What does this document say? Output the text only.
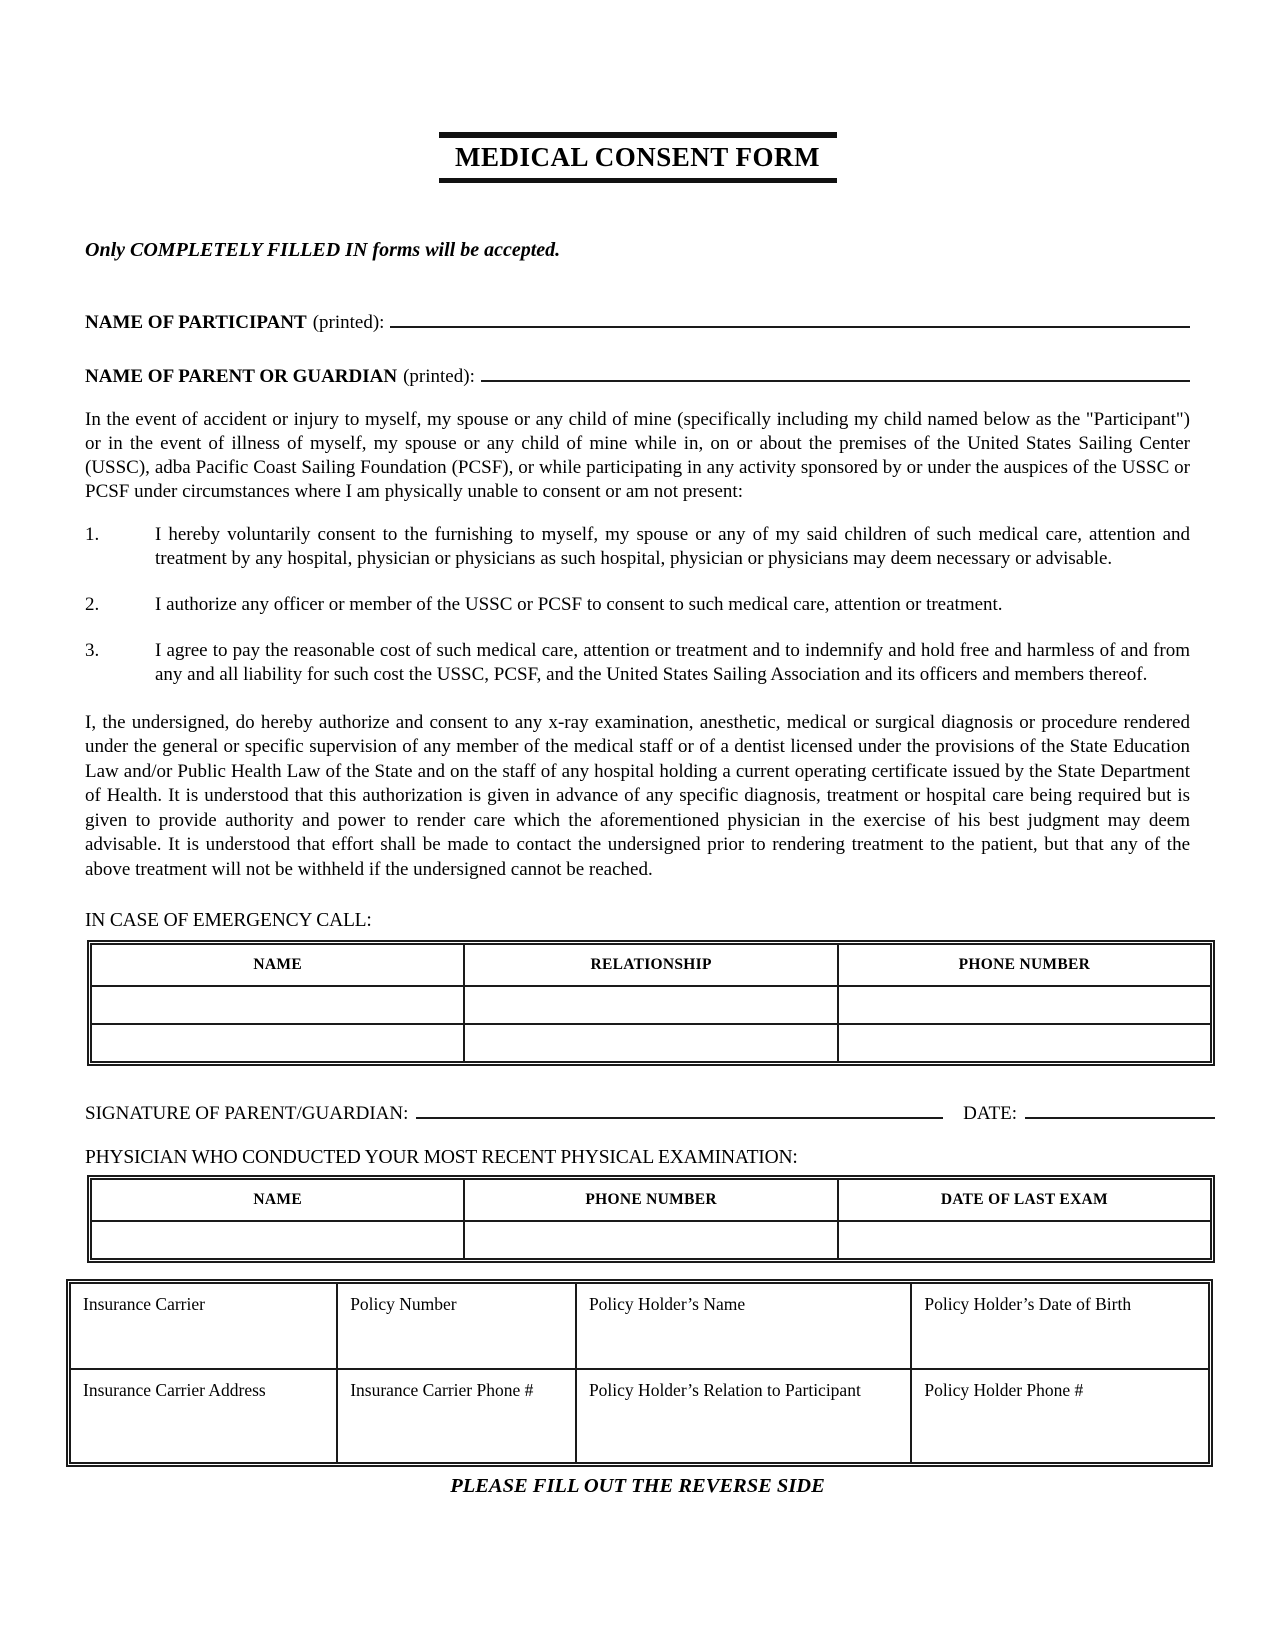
MEDICAL CONSENT FORM
Only COMPLETELY FILLED IN forms will be accepted.
NAME OF PARTICIPANT (printed):
NAME OF PARENT OR GUARDIAN (printed):

In the event of accident or injury to myself, my spouse or any child of mine (specifically including my child named below as the "Participant") or in the event of illness of myself, my spouse or any child of mine while in, on or about the premises of the United States Sailing Center (USSC), adba Pacific Coast Sailing Foundation (PCSF), or while participating in any activity sponsored by or under the auspices of the USSC or PCSF under circumstances where I am physically unable to consent or am not present:

1.	I hereby voluntarily consent to the furnishing to myself, my spouse or any of my said children of such medical care, attention and treatment by any hospital, physician or physicians as such hospital, physician or physicians may deem necessary or advisable.
2.	I authorize any officer or member of the USSC or PCSF to consent to such medical care, attention or treatment.
3.	I agree to pay the reasonable cost of such medical care, attention or treatment and to indemnify and hold free and harmless of and from any and all liability for such cost the USSC, PCSF, and the United States Sailing Association and its officers and members thereof.

I, the undersigned, do hereby authorize and consent to any x-ray examination, anesthetic, medical or surgical diagnosis or procedure rendered under the general or specific supervision of any member of the medical staff or of a dentist licensed under the provisions of the State Education Law and/or Public Health Law of the State and on the staff of any hospital holding a current operating certificate issued by the State Department of Health. It is understood that this authorization is given in advance of any specific diagnosis, treatment or hospital care being required but is given to provide authority and power to render care which the aforementioned physician in the exercise of his best judgment may deem advisable. It is understood that effort shall be made to contact the undersigned prior to rendering treatment to the patient, but that any of the above treatment will not be withheld if the undersigned cannot be reached.

IN CASE OF EMERGENCY CALL:
NAME	RELATIONSHIP	PHONE NUMBER

SIGNATURE OF PARENT/GUARDIAN:	DATE:
PHYSICIAN WHO CONDUCTED YOUR MOST RECENT PHYSICAL EXAMINATION:
NAME	PHONE NUMBER	DATE OF LAST EXAM

Insurance Carrier	Policy Number	Policy Holder’s Name	Policy Holder’s Date of Birth
Insurance Carrier Address	Insurance Carrier Phone #	Policy Holder’s Relation to Participant	Policy Holder Phone #
PLEASE FILL OUT THE REVERSE SIDE
